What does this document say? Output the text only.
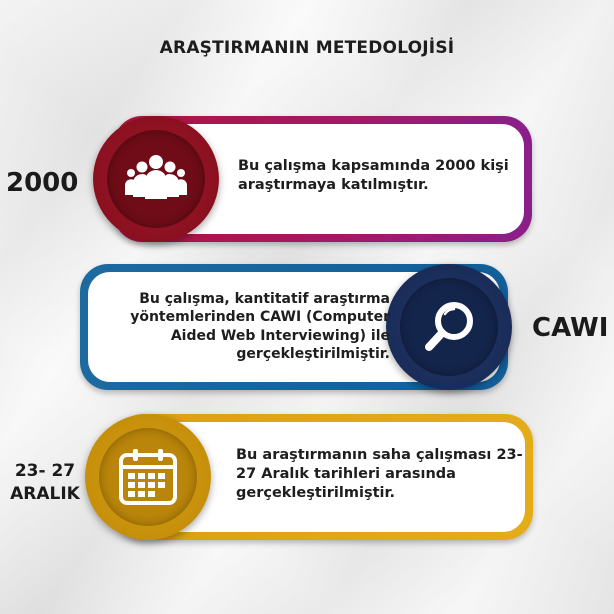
ARAŞTIRMANIN METEDOLOJİSİ
Bu çalışma kapsamında 2000 kişi araştırmaya katılmıştır.
2000
Bu çalışma, kantitatif araştırma yöntemlerinden CAWI (Computer Aided Web Interviewing) ile gerçekleştirilmiştir.
CAWI
Bu araştırmanın saha çalışması 23-27 Aralık tarihleri arasında gerçekleştirilmiştir.
23- 27
ARALIK
